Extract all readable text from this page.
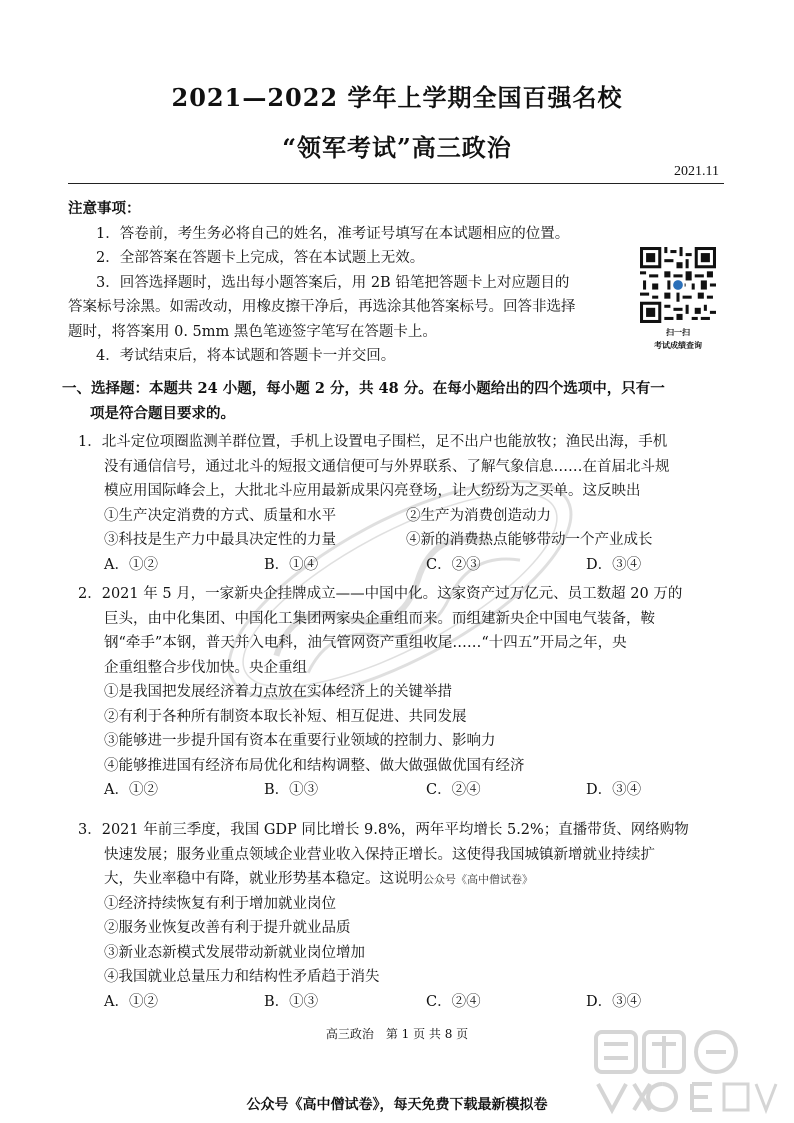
2021—2022 学年上学期全国百强名校
“领军考试”高三政治
2021.11
注意事项：
1．答卷前，考生务必将自己的姓名，准考证号填写在本试题相应的位置。
2．全部答案在答题卡上完成，答在本试题上无效。
3．回答选择题时，选出每小题答案后，用 2B 铅笔把答题卡上对应题目的
答案标号涂黑。如需改动，用橡皮擦干净后，再选涂其他答案标号。回答非选择
题时，将答案用 0. 5mm 黑色笔迹签字笔写在答题卡上。
4．考试结束后，将本试题和答题卡一并交回。
扫一扫
考试成绩查询
一、选择题：本题共 24 小题，每小题 2 分，共 48 分。在每小题给出的四个选项中，只有一
项是符合题目要求的。
1．北斗定位项圈监测羊群位置，手机上设置电子围栏，足不出户也能放牧；渔民出海，手机
没有通信信号，通过北斗的短报文通信便可与外界联系、了解气象信息……在首届北斗规
模应用国际峰会上，大批北斗应用最新成果闪亮登场，让人纷纷为之买单。这反映出
①生产决定消费的方式、质量和水平	②生产为消费创造动力
③科技是生产力中最具决定性的力量	④新的消费热点能够带动一个产业成长
A．①②	B．①④	C．②③	D．③④
2．2021 年 5 月，一家新央企挂牌成立——中国中化。这家资产过万亿元、员工数超 20 万的
巨头，由中化集团、中国化工集团两家央企重组而来。而组建新央企中国电气装备，鞍
钢“牵手”本钢，普天并入电科，油气管网资产重组收尾……“十四五”开局之年，央
企重组整合步伐加快。央企重组
①是我国把发展经济着力点放在实体经济上的关键举措
②有利于各种所有制资本取长补短、相互促进、共同发展
③能够进一步提升国有资本在重要行业领域的控制力、影响力
④能够推进国有经济布局优化和结构调整、做大做强做优国有经济
A．①②	B．①③	C．②④	D．③④
3．2021 年前三季度，我国 GDP 同比增长 9.8%，两年平均增长 5.2%；直播带货、网络购物
快速发展；服务业重点领域企业营业收入保持正增长。这使得我国城镇新增就业持续扩
大，失业率稳中有降，就业形势基本稳定。这说明公众号《高中僧试卷》
①经济持续恢复有利于增加就业岗位
②服务业恢复改善有利于提升就业品质
③新业态新模式发展带动新就业岗位增加
④我国就业总量压力和结构性矛盾趋于消失
A．①②	B．①③	C．②④	D．③④
高三政治　第 1 页 共 8 页
公众号《高中僧试卷》，每天免费下载最新模拟卷
